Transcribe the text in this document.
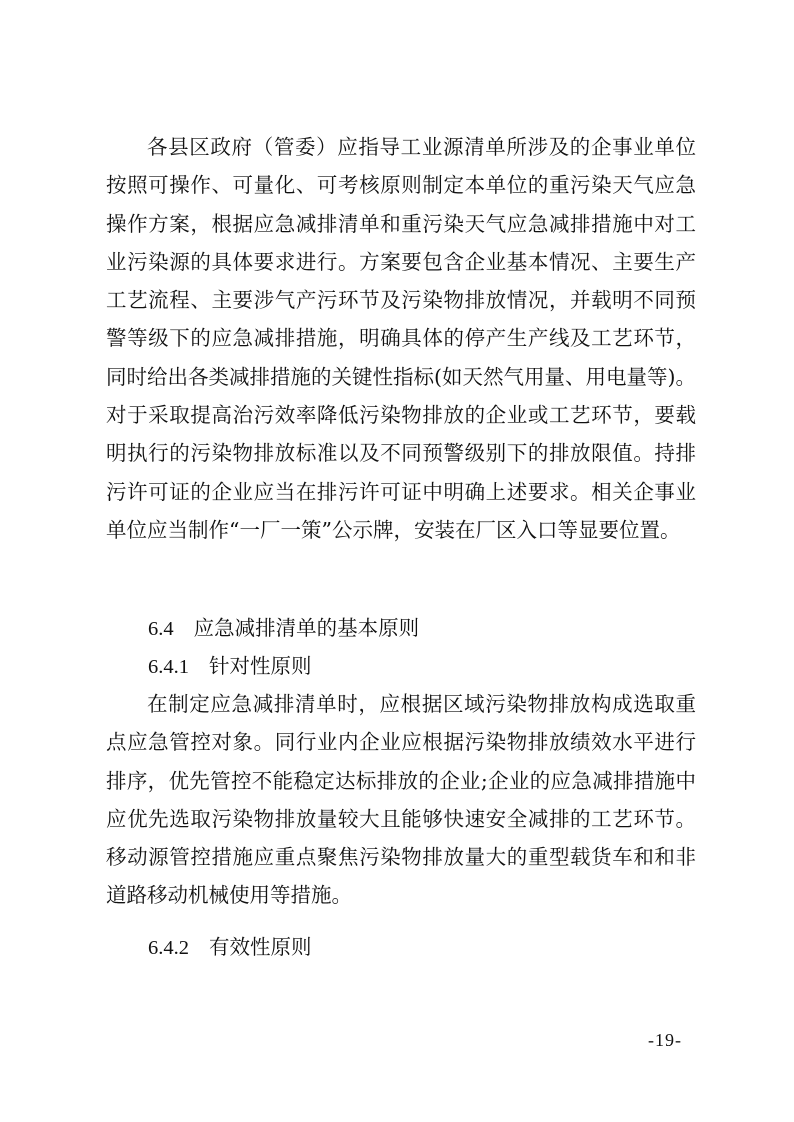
各县区政府（管委）应指导工业源清单所涉及的企事业单位按照可操作、可量化、可考核原则制定本单位的重污染天气应急操作方案，根据应急减排清单和重污染天气应急减排措施中对工业污染源的具体要求进行。方案要包含企业基本情况、主要生产工艺流程、主要涉气产污环节及污染物排放情况，并载明不同预警等级下的应急减排措施，明确具体的停产生产线及工艺环节，同时给出各类减排措施的关键性指标(如天然气用量、用电量等)。对于采取提高治污效率降低污染物排放的企业或工艺环节，要载明执行的污染物排放标准以及不同预警级别下的排放限值。持排污许可证的企业应当在排污许可证中明确上述要求。相关企事业单位应当制作“一厂一策”公示牌，安装在厂区入口等显要位置。

6.4 应急减排清单的基本原则
6.4.1 针对性原则

在制定应急减排清单时，应根据区域污染物排放构成选取重点应急管控对象。同行业内企业应根据污染物排放绩效水平进行排序，优先管控不能稳定达标排放的企业;企业的应急减排措施中应优先选取污染物排放量较大且能够快速安全减排的工艺环节。移动源管控措施应重点聚焦污染物排放量大的重型载货车和和非道路移动机械使用等措施。

6.4.2 有效性原则
-19-
